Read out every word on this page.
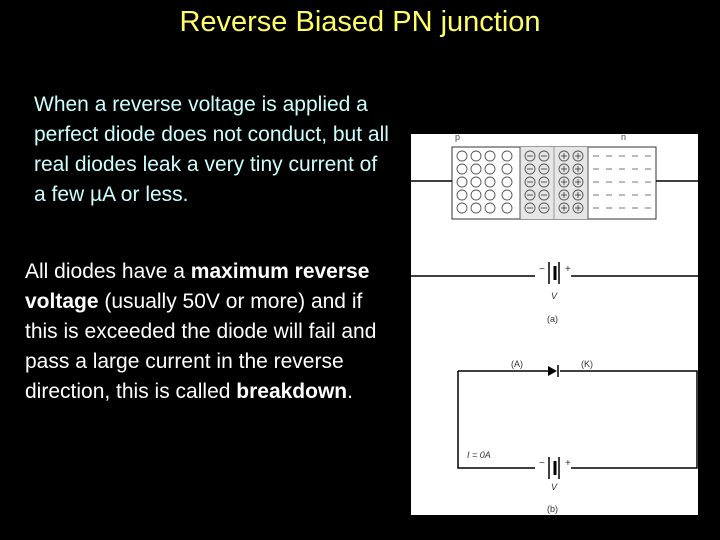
Reverse Biased PN junction
When a reverse voltage is applied a perfect diode does not conduct, but all real diodes leak a very tiny current of a few µA or less.
All diodes have a maximum reverse voltage (usually 50V or more) and if this is exceeded the diode will fail and pass a large current in the reverse direction, this is called breakdown.
p	n
− +
V
(a)
(A)	(K)
I = 0A
− +
V
(b)
